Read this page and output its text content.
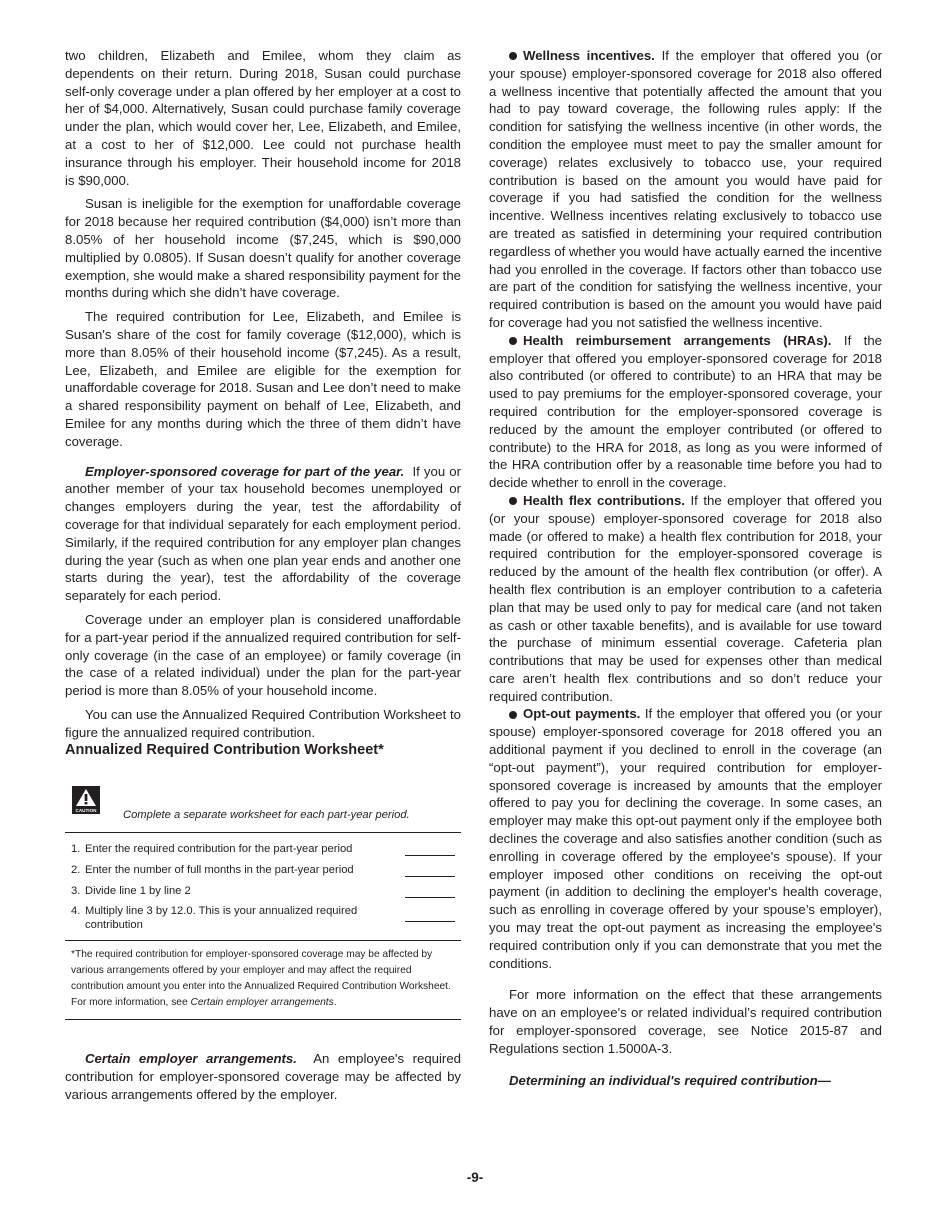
two children, Elizabeth and Emilee, whom they claim as dependents on their return. During 2018, Susan could purchase self-only coverage under a plan offered by her employer at a cost to her of $4,000. Alternatively, Susan could purchase family coverage under the plan, which would cover her, Lee, Elizabeth, and Emilee, at a cost to her of $12,000. Lee could not purchase health insurance through his employer. Their household income for 2018 is $90,000.

Susan is ineligible for the exemption for unaffordable coverage for 2018 because her required contribution ($4,000) isn’t more than 8.05% of her household income ($7,245, which is $90,000 multiplied by 0.0805). If Susan doesn’t qualify for another coverage exemption, she would make a shared responsibility payment for the months during which she didn’t have coverage.

The required contribution for Lee, Elizabeth, and Emilee is Susan's share of the cost for family coverage ($12,000), which is more than 8.05% of their household income ($7,245). As a result, Lee, Elizabeth, and Emilee are eligible for the exemption for unaffordable coverage for 2018. Susan and Lee don’t need to make a shared responsibility payment on behalf of Lee, Elizabeth, and Emilee for any months during which the three of them didn’t have coverage.

Employer-sponsored coverage for part of the year. If you or another member of your tax household becomes unemployed or changes employers during the year, test the affordability of coverage for that individual separately for each employment period. Similarly, if the required contribution for any employer plan changes during the year (such as when one plan year ends and another one starts during the year), test the affordability of the coverage separately for each period.

Coverage under an employer plan is considered unaffordable for a part-year period if the annualized required contribution for self-only coverage (in the case of an employee) or family coverage (in the case of a related individual) under the plan for the part-year period is more than 8.05% of your household income.

You can use the Annualized Required Contribution Worksheet to figure the annualized required contribution.

Annualized Required Contribution Worksheet*
CAUTION Complete a separate worksheet for each part-year period.
1. Enter the required contribution for the part-year period
2. Enter the number of full months in the part-year period
3. Divide line 1 by line 2
4. Multiply line 3 by 12.0. This is your annualized required contribution
*The required contribution for employer-sponsored coverage may be affected by various arrangements offered by your employer and may affect the required contribution amount you enter into the Annualized Required Contribution Worksheet. For more information, see Certain employer arrangements.

Certain employer arrangements. An employee's required contribution for employer-sponsored coverage may be affected by various arrangements offered by the employer.

Wellness incentives. If the employer that offered you (or your spouse) employer-sponsored coverage for 2018 also offered a wellness incentive that potentially affected the amount that you had to pay toward coverage, the following rules apply: If the condition for satisfying the wellness incentive (in other words, the condition the employee must meet to pay the smaller amount for coverage) relates exclusively to tobacco use, your required contribution is based on the amount you would have paid for coverage if you had satisfied the condition for the wellness incentive. Wellness incentives relating exclusively to tobacco use are treated as satisfied in determining your required contribution regardless of whether you would have actually earned the incentive had you enrolled in the coverage. If factors other than tobacco use are part of the condition for satisfying the wellness incentive, your required contribution is based on the amount you would have paid for coverage had you not satisfied the wellness incentive.

Health reimbursement arrangements (HRAs). If the employer that offered you employer-sponsored coverage for 2018 also contributed (or offered to contribute) to an HRA that may be used to pay premiums for the employer-sponsored coverage, your required contribution for the employer-sponsored coverage is reduced by the amount the employer contributed (or offered to contribute) to the HRA for 2018, as long as you were informed of the HRA contribution offer by a reasonable time before you had to decide whether to enroll in the coverage.

Health flex contributions. If the employer that offered you (or your spouse) employer-sponsored coverage for 2018 also made (or offered to make) a health flex contribution for 2018, your required contribution for the employer-sponsored coverage is reduced by the amount of the health flex contribution (or offer). A health flex contribution is an employer contribution to a cafeteria plan that may be used only to pay for medical care (and not taken as cash or other taxable benefits), and is available for use toward the purchase of minimum essential coverage. Cafeteria plan contributions that may be used for expenses other than medical care aren’t health flex contributions and so don’t reduce your required contribution.

Opt-out payments. If the employer that offered you (or your spouse) employer-sponsored coverage for 2018 offered you an additional payment if you declined to enroll in the coverage (an “opt-out payment”), your required contribution for employer-sponsored coverage is increased by amounts that the employer offered to pay you for declining the coverage. In some cases, an employer may make this opt-out payment only if the employee both declines the coverage and also satisfies another condition (such as enrolling in coverage offered by the employee's spouse). If your employer imposed other conditions on receiving the opt-out payment (in addition to declining the employer's health coverage, such as enrolling in coverage offered by your spouse’s employer), you may treat the opt-out payment as increasing the employee's required contribution only if you can demonstrate that you met the conditions.

For more information on the effect that these arrangements have on an employee's or related individual’s required contribution for employer-sponsored coverage, see Notice 2015-87 and Regulations section 1.5000A-3.

Determining an individual's required contribution—

-9-
